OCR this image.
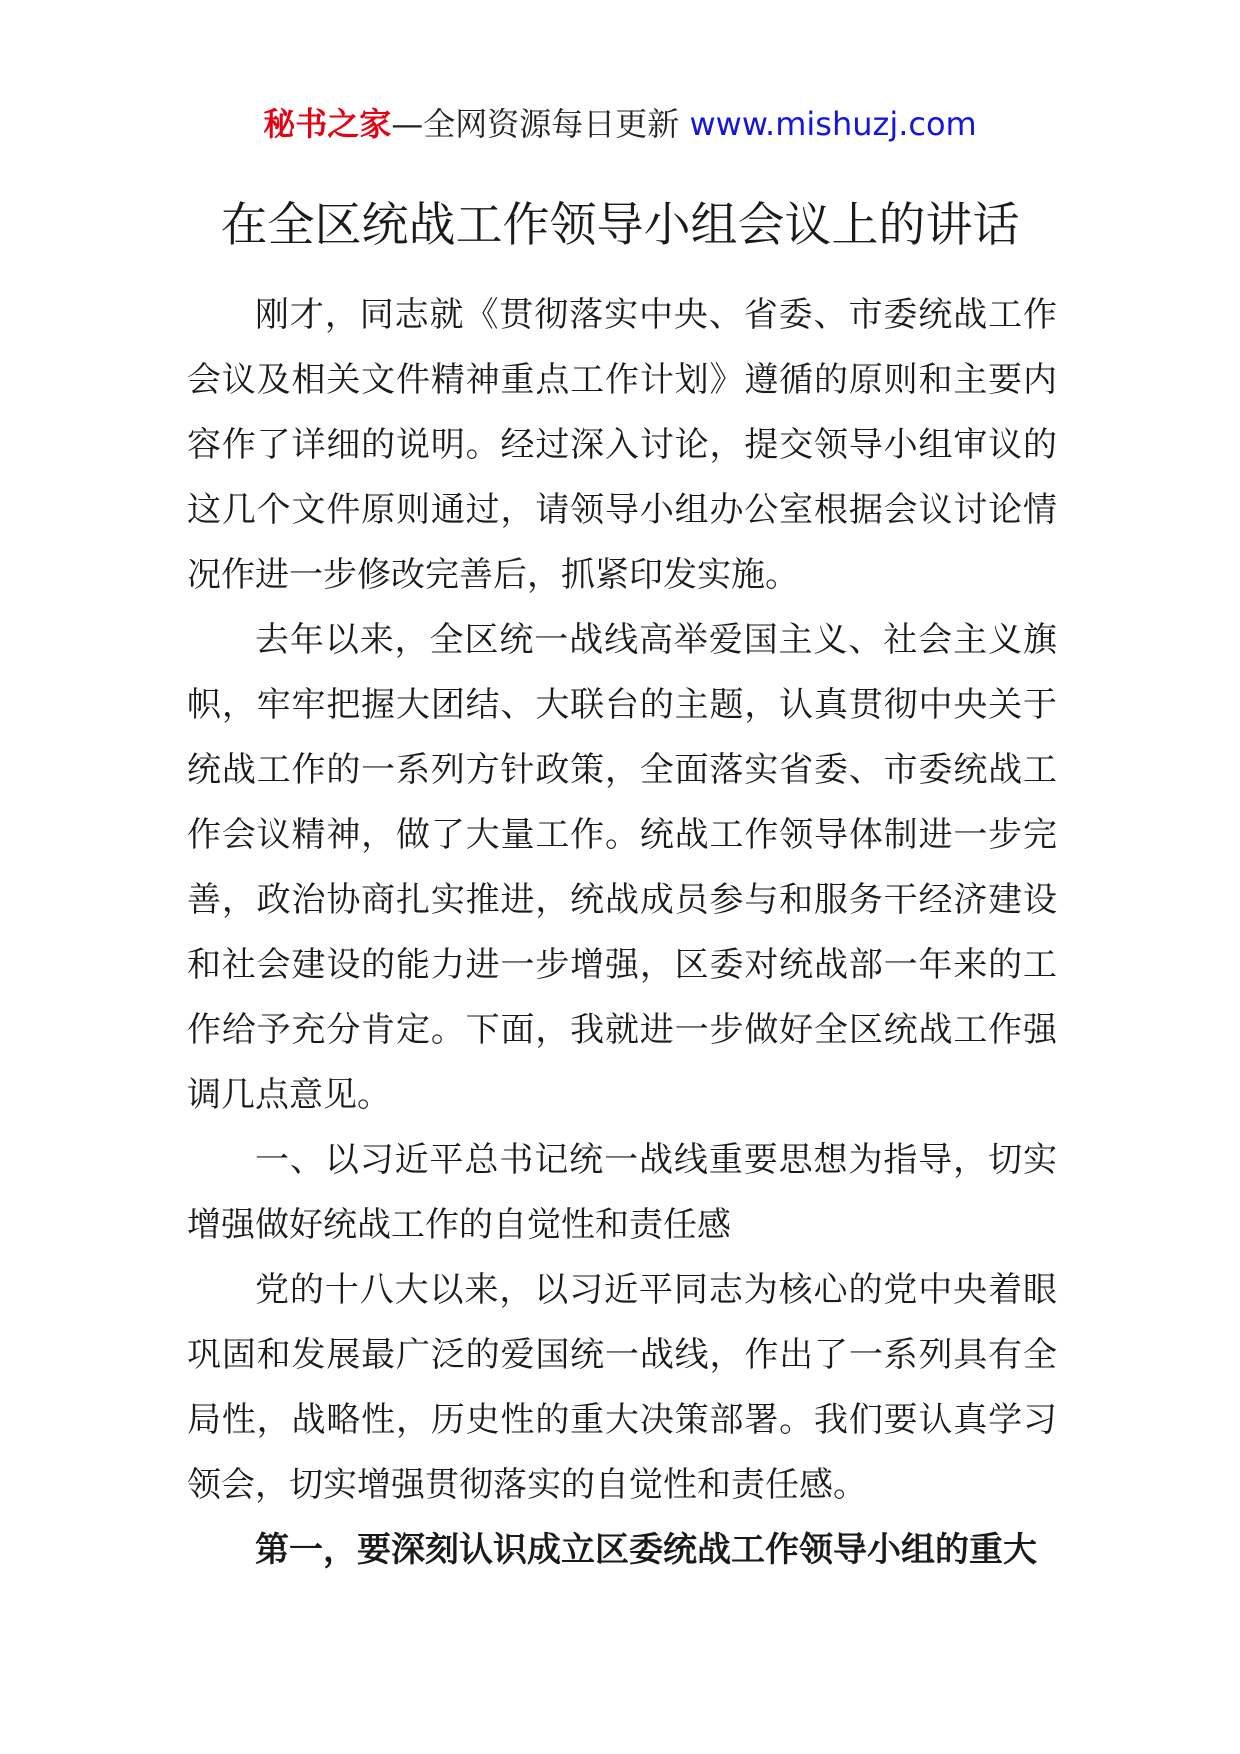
秘书之家—全网资源每日更新 www.mishuzj.com
在全区统战工作领导小组会议上的讲话

刚才，同志就《贯彻落实中央、省委、市委统战工作会议及相关文件精神重点工作计划》遵循的原则和主要内容作了详细的说明。经过深入讨论，提交领导小组审议的这几个文件原则通过，请领导小组办公室根据会议讨论情况作进一步修改完善后，抓紧印发实施。

去年以来，全区统一战线高举爱国主义、社会主义旗帜，牢牢把握大团结、大联台的主题，认真贯彻中央关于统战工作的一系列方针政策，全面落实省委、市委统战工作会议精神，做了大量工作。统战工作领导体制进一步完善，政治协商扎实推进，统战成员参与和服务干经济建设和社会建设的能力进一步增强，区委对统战部一年来的工作给予充分肯定。下面，我就进一步做好全区统战工作强调几点意见。

一、以习近平总书记统一战线重要思想为指导，切实增强做好统战工作的自觉性和责任感

党的十八大以来，以习近平同志为核心的党中央着眼巩固和发展最广泛的爱国统一战线，作出了一系列具有全局性，战略性，历史性的重大决策部署。我们要认真学习领会，切实增强贯彻落实的自觉性和责任感。

第一，要深刻认识成立区委统战工作领导小组的重大
